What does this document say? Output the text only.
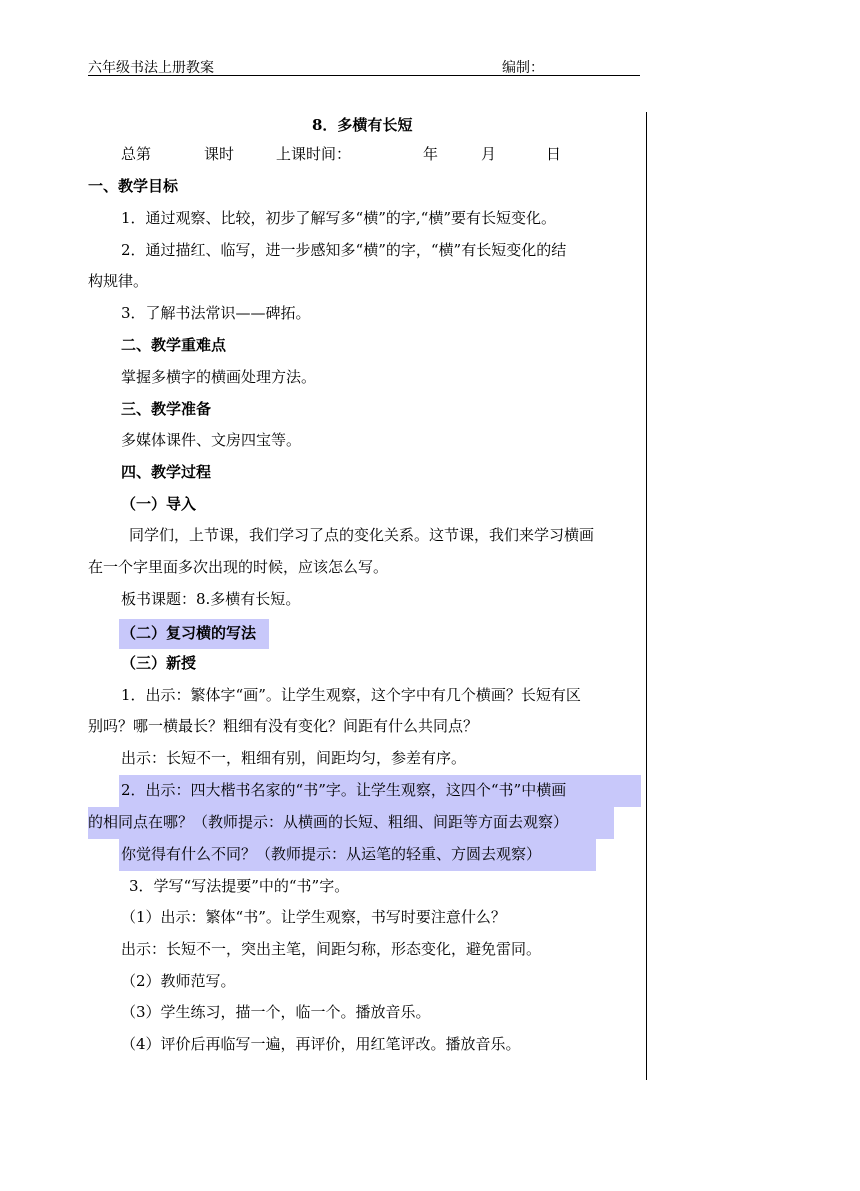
六年级书法上册教案	编制：
8．多横有长短
总第	课时	上课时间：	年	月	日
一、教学目标
1．通过观察、比较，初步了解写多“横”的字,“横”要有长短变化。
2．通过描红、临写，进一步感知多“横”的字，“横”有长短变化的结
构规律。
3．了解书法常识——碑拓。
二、教学重难点
掌握多横字的横画处理方法。
三、教学准备
多媒体课件、文房四宝等。
四、教学过程
（一）导入
同学们，上节课，我们学习了点的变化关系。这节课，我们来学习横画
在一个字里面多次出现的时候，应该怎么写。
板书课题：8.多横有长短。
（二）复习横的写法
（三）新授
1．出示：繁体字“画”。让学生观察，这个字中有几个横画？长短有区
别吗？哪一横最长？粗细有没有变化？间距有什么共同点？
出示：长短不一，粗细有别，间距均匀，参差有序。
2．出示：四大楷书名家的“书”字。让学生观察，这四个“书”中横画
的相同点在哪？（教师提示：从横画的长短、粗细、间距等方面去观察）
你觉得有什么不同？（教师提示：从运笔的轻重、方圆去观察）
3．学写“写法提要”中的“书”字。
（1）出示：繁体“书”。让学生观察，书写时要注意什么？
出示：长短不一，突出主笔，间距匀称，形态变化，避免雷同。
（2）教师范写。
（3）学生练习，描一个，临一个。播放音乐。
（4）评价后再临写一遍，再评价，用红笔评改。播放音乐。
